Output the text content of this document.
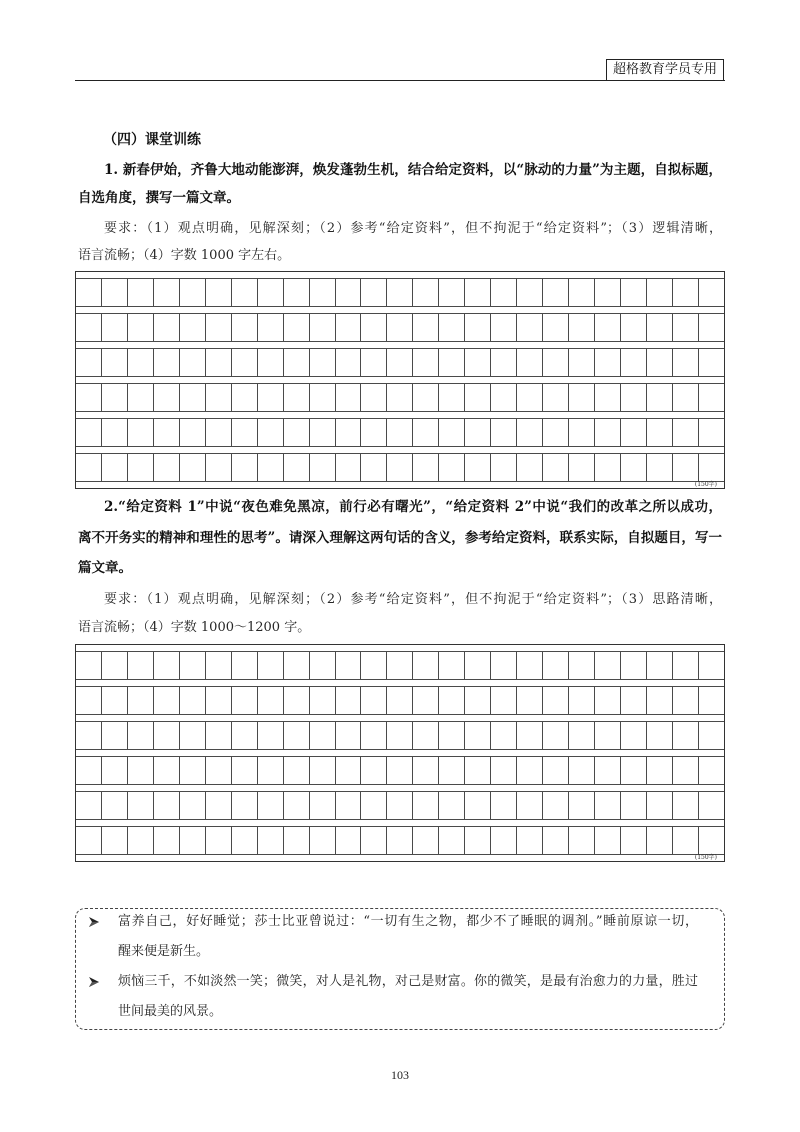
超格教育学员专用
（四）课堂训练
1. 新春伊始，齐鲁大地动能澎湃，焕发蓬勃生机，结合给定资料，以“脉动的力量”为主题，自拟标题，
自选角度，撰写一篇文章。
要求：（1）观点明确，见解深刻；（2）参考“给定资料”，但不拘泥于“给定资料”；（3）逻辑清晰，
语言流畅；（4）字数 1000 字左右。
(150字)
2.“给定资料 1”中说“夜色难免黑凉，前行必有曙光”，“给定资料 2”中说“我们的改革之所以成功，
离不开务实的精神和理性的思考”。请深入理解这两句话的含义，参考给定资料，联系实际，自拟题目，写一
篇文章。
要求：（1）观点明确，见解深刻；（2）参考“给定资料”，但不拘泥于“给定资料”；（3）思路清晰，
语言流畅；（4）字数 1000～1200 字。
(150字)
富养自己，好好睡觉；莎士比亚曾说过：“一切有生之物，都少不了睡眠的调剂。”睡前原谅一切，
醒来便是新生。
烦恼三千，不如淡然一笑；微笑，对人是礼物，对己是财富。你的微笑，是最有治愈力的力量，胜过
世间最美的风景。
103
